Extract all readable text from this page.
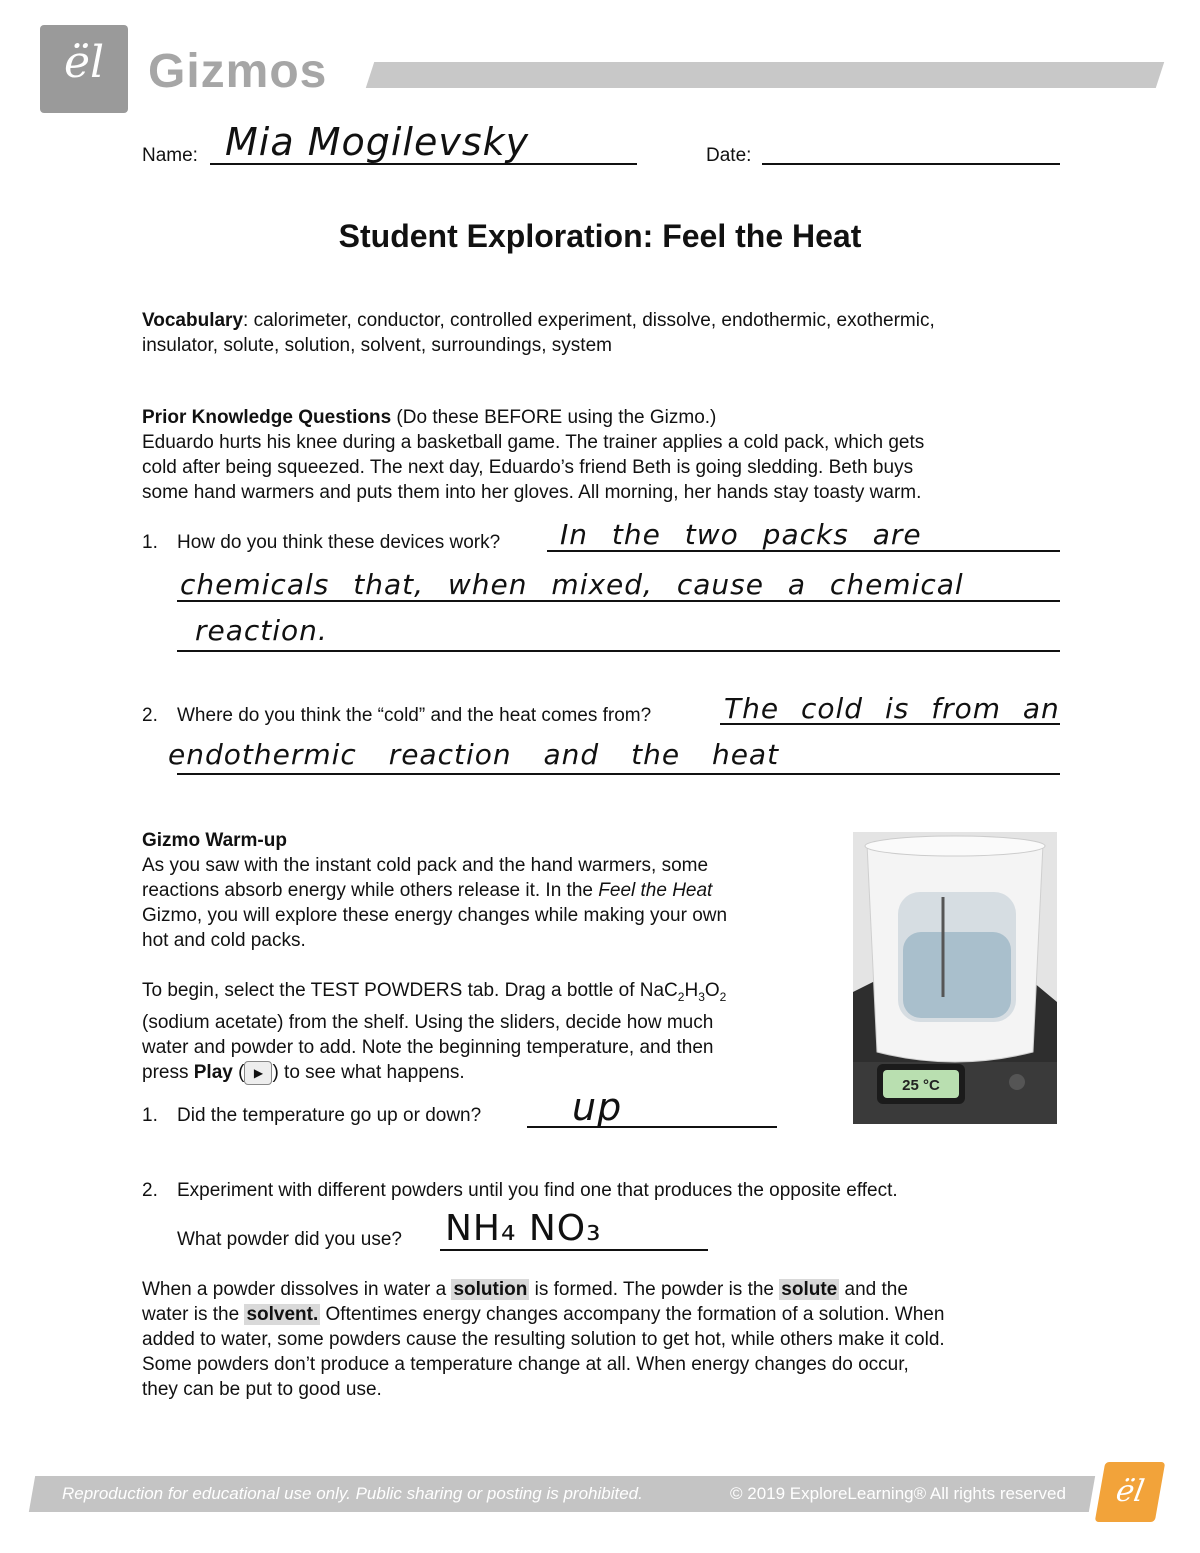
ël Gizmos
Name: Mia Mogilevsky	Date:
Student Exploration: Feel the Heat
Vocabulary: calorimeter, conductor, controlled experiment, dissolve, endothermic, exothermic,
insulator, solute, solution, solvent, surroundings, system
Prior Knowledge Questions (Do these BEFORE using the Gizmo.)
Eduardo hurts his knee during a basketball game. The trainer applies a cold pack, which gets
cold after being squeezed. The next day, Eduardo’s friend Beth is going sledding. Beth buys
some hand warmers and puts them into her gloves. All morning, her hands stay toasty warm.
1. How do you think these devices work? In the two packs are
chemicals that, when mixed, cause a chemical
reaction.
2. Where do you think the “cold” and the heat comes from?	The cold is from an
endothermic reaction and the heat
Gizmo Warm-up
As you saw with the instant cold pack and the hand warmers, some
reactions absorb energy while others release it. In the Feel the Heat
Gizmo, you will explore these energy changes while making your own
hot and cold packs.

To begin, select the TEST POWDERS tab. Drag a bottle of $NaC_2H_3O_2$
(sodium acetate) from the shelf. Using the sliders, decide how much
water and powder to add. Note the beginning temperature, and then
press Play ( ▶ ) to see what happens.
25 °C
1. Did the temperature go up or down? up
2. Experiment with different powders until you find one that produces the opposite effect.
What powder did you use? NH₄ NO₃
When a powder dissolves in water a solution is formed. The powder is the solute and the
water is the solvent. Oftentimes energy changes accompany the formation of a solution. When
added to water, some powders cause the resulting solution to get hot, while others make it cold.
Some powders don’t produce a temperature change at all. When energy changes do occur,
they can be put to good use.
Reproduction for educational use only. Public sharing or posting is prohibited.	© 2019 ExploreLearning® All rights reserved	ël
